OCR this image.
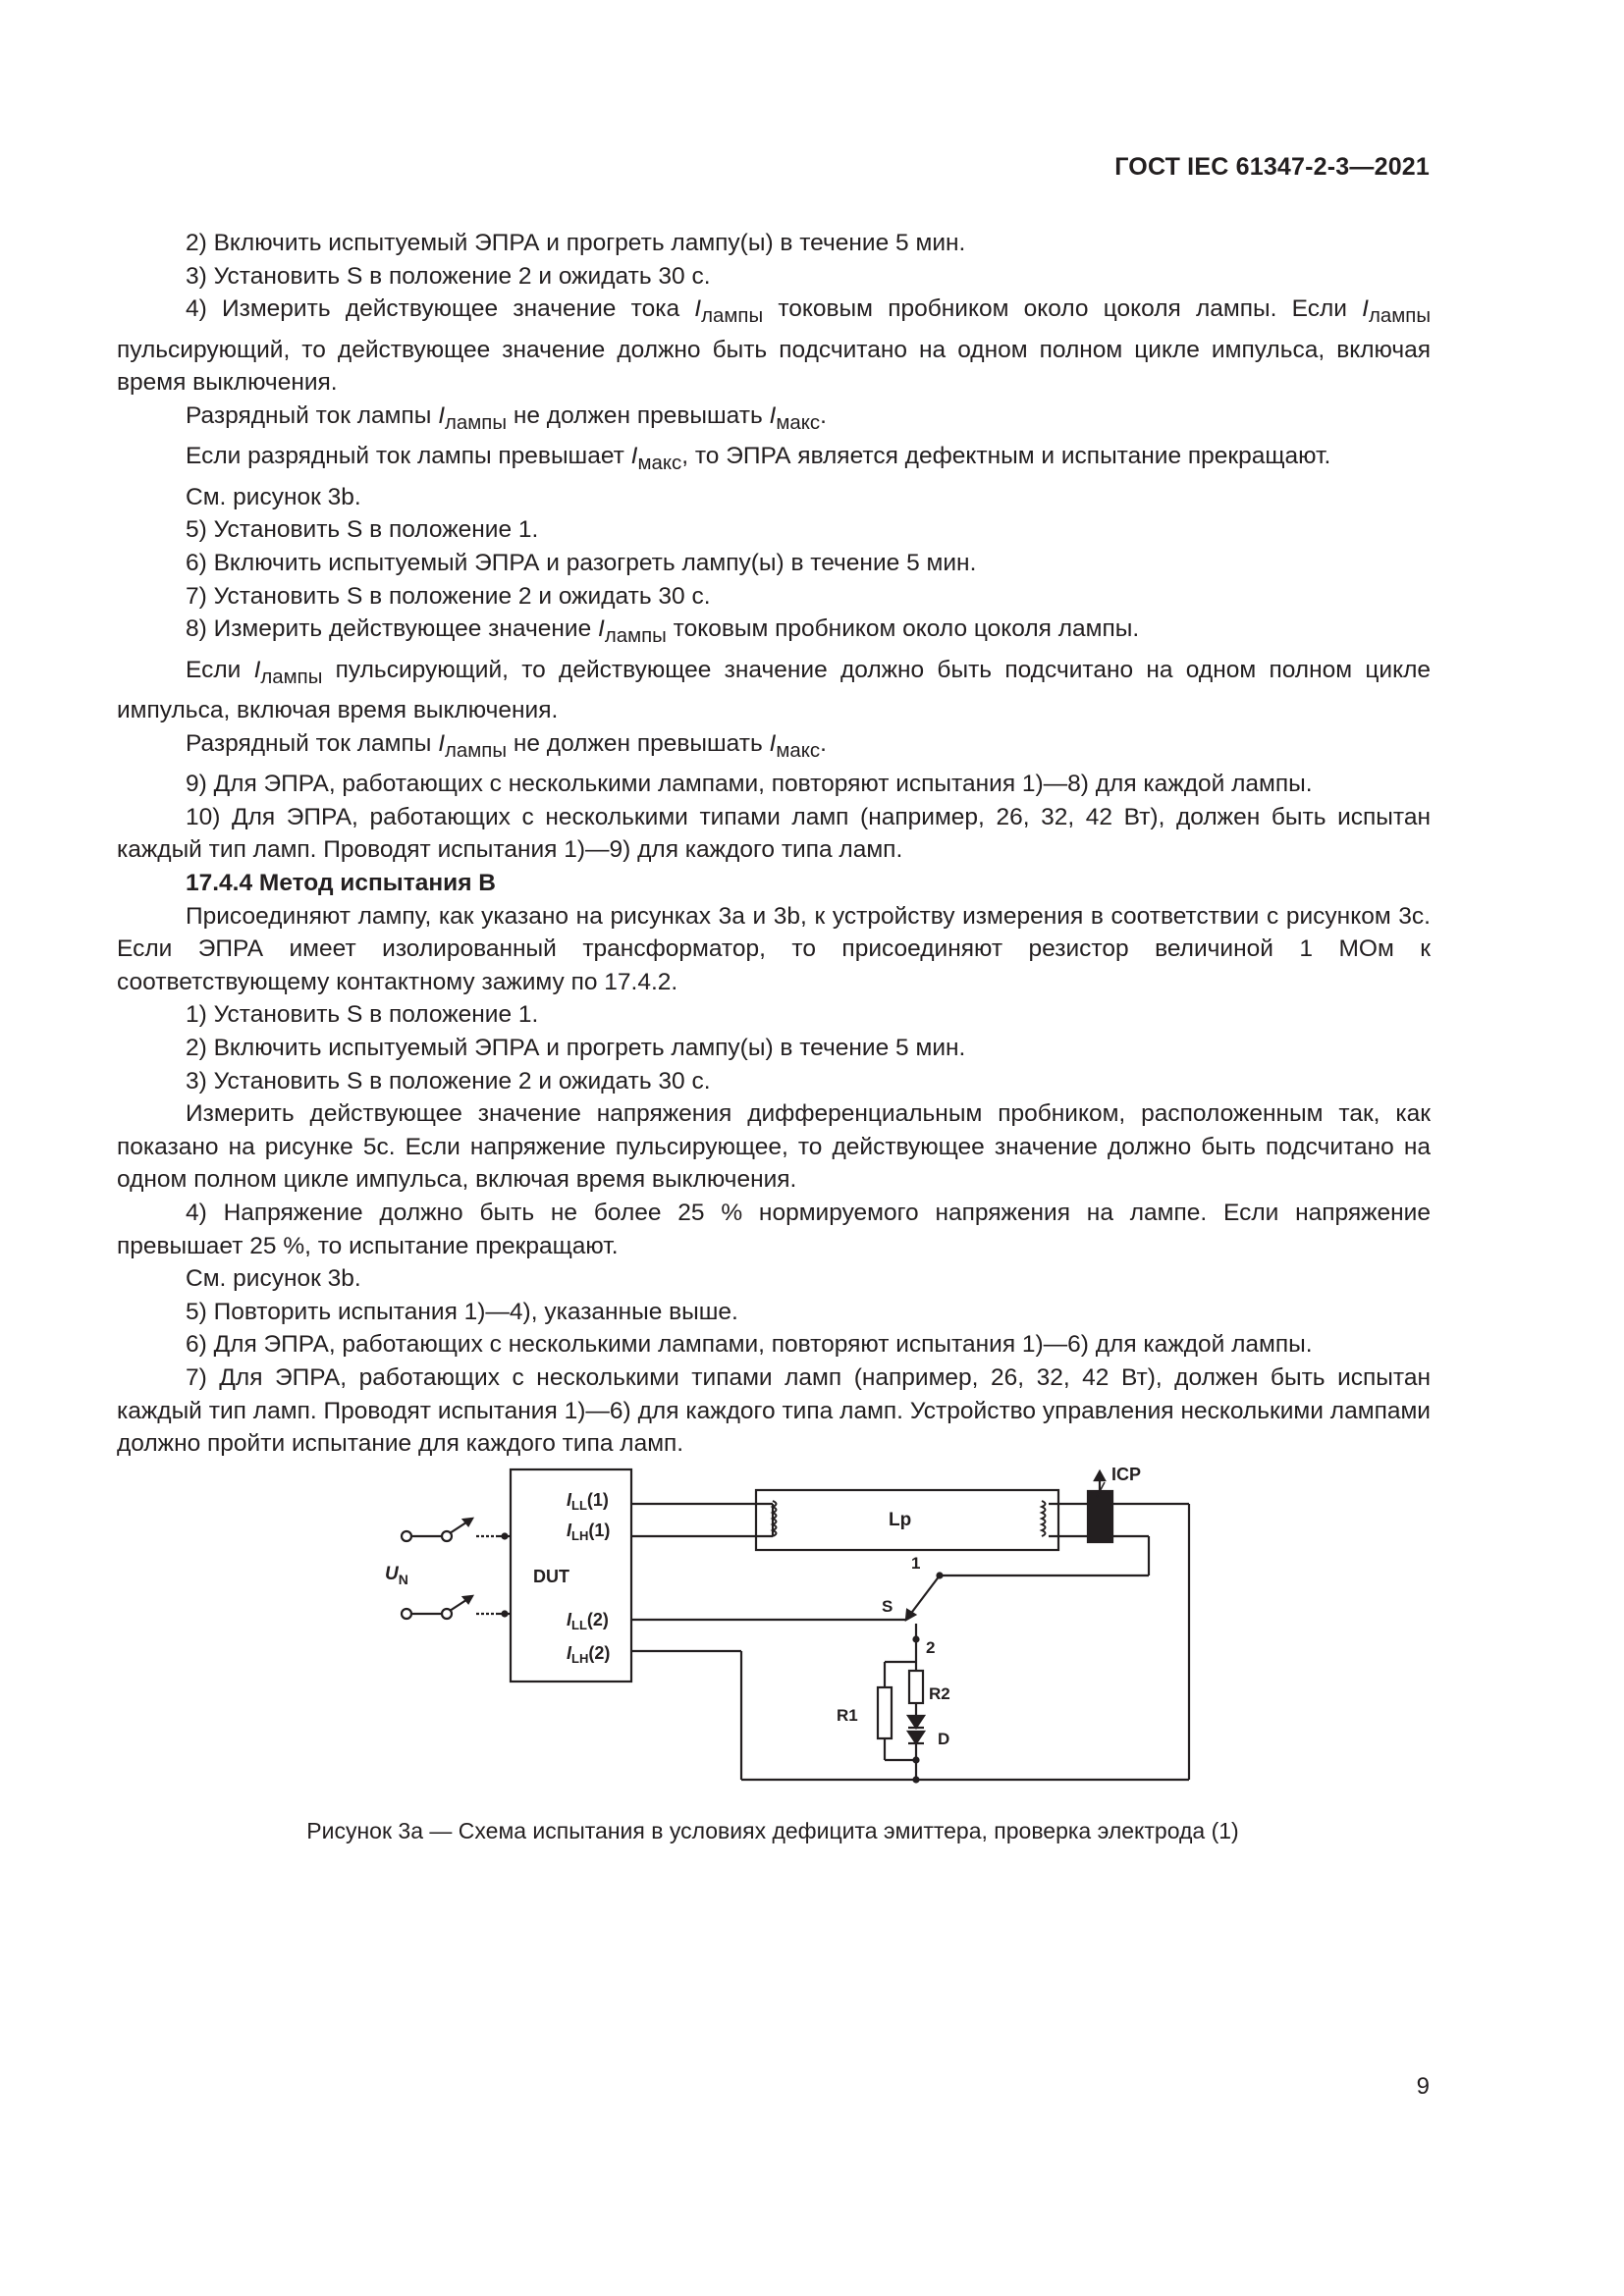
ГОСТ IEC 61347-2-3—2021

2) Включить испытуемый ЭПРА и прогреть лампу(ы) в течение 5 мин.

3) Установить S в положение 2 и ожидать 30 с.

4) Измерить действующее значение тока $I_{лампы}$ токовым пробником около цоколя лампы. Если $I_{лампы}$ пульсирующий, то действующее значение должно быть подсчитано на одном полном цикле импульса, включая время выключения.

Разрядный ток лампы $I_{лампы}$ не должен превышать $I_{макс}$.

Если разрядный ток лампы превышает $I_{макс}$, то ЭПРА является дефектным и испытание прекращают.

См. рисунок 3b.

5) Установить S в положение 1.

6) Включить испытуемый ЭПРА и разогреть лампу(ы) в течение 5 мин.

7) Установить S в положение 2 и ожидать 30 с.

8) Измерить действующее значение $I_{лампы}$ токовым пробником около цоколя лампы.

Если $I_{лампы}$ пульсирующий, то действующее значение должно быть подсчитано на одном полном цикле импульса, включая время выключения.

Разрядный ток лампы $I_{лампы}$ не должен превышать $I_{макс}$.

9) Для ЭПРА, работающих с несколькими лампами, повторяют испытания 1)—8) для каждой лампы.

10) Для ЭПРА, работающих с несколькими типами ламп (например, 26, 32, 42 Вт), должен быть испытан каждый тип ламп. Проводят испытания 1)—9) для каждого типа ламп.

17.4.4 Метод испытания В

Присоединяют лампу, как указано на рисунках 3а и 3b, к устройству измерения в соответствии с рисунком 3с. Если ЭПРА имеет изолированный трансформатор, то присоединяют резистор величиной 1 МОм к соответствующему контактному зажиму по 17.4.2.

1) Установить S в положение 1.

2) Включить испытуемый ЭПРА и прогреть лампу(ы) в течение 5 мин.

3) Установить S в положение 2 и ожидать 30 с.

Измерить действующее значение напряжения дифференциальным пробником, расположенным так, как показано на рисунке 5с. Если напряжение пульсирующее, то действующее значение должно быть подсчитано на одном полном цикле импульса, включая время выключения.

4) Напряжение должно быть не более 25 % нормируемого напряжения на лампе. Если напряжение превышает 25 %, то испытание прекращают.

См. рисунок 3b.

5) Повторить испытания 1)—4), указанные выше.

6) Для ЭПРА, работающих с несколькими лампами, повторяют испытания 1)—6) для каждой лампы.

7) Для ЭПРА, работающих с несколькими типами ламп (например, 26, 32, 42 Вт), должен быть испытан каждый тип ламп. Проводят испытания 1)—6) для каждого типа ламп. Устройство управления несколькими лампами должно пройти испытание для каждого типа ламп.

$U_N$	DUT
$I_{LL}(1)$
$I_{LH}(1)$
$I_{LL}(2)$
$I_{LH}(2)$
Lp
ICP
S
1
2
R1
R2
D
Рисунок 3а — Схема испытания в условиях дефицита эмиттера, проверка электрода (1)
9
